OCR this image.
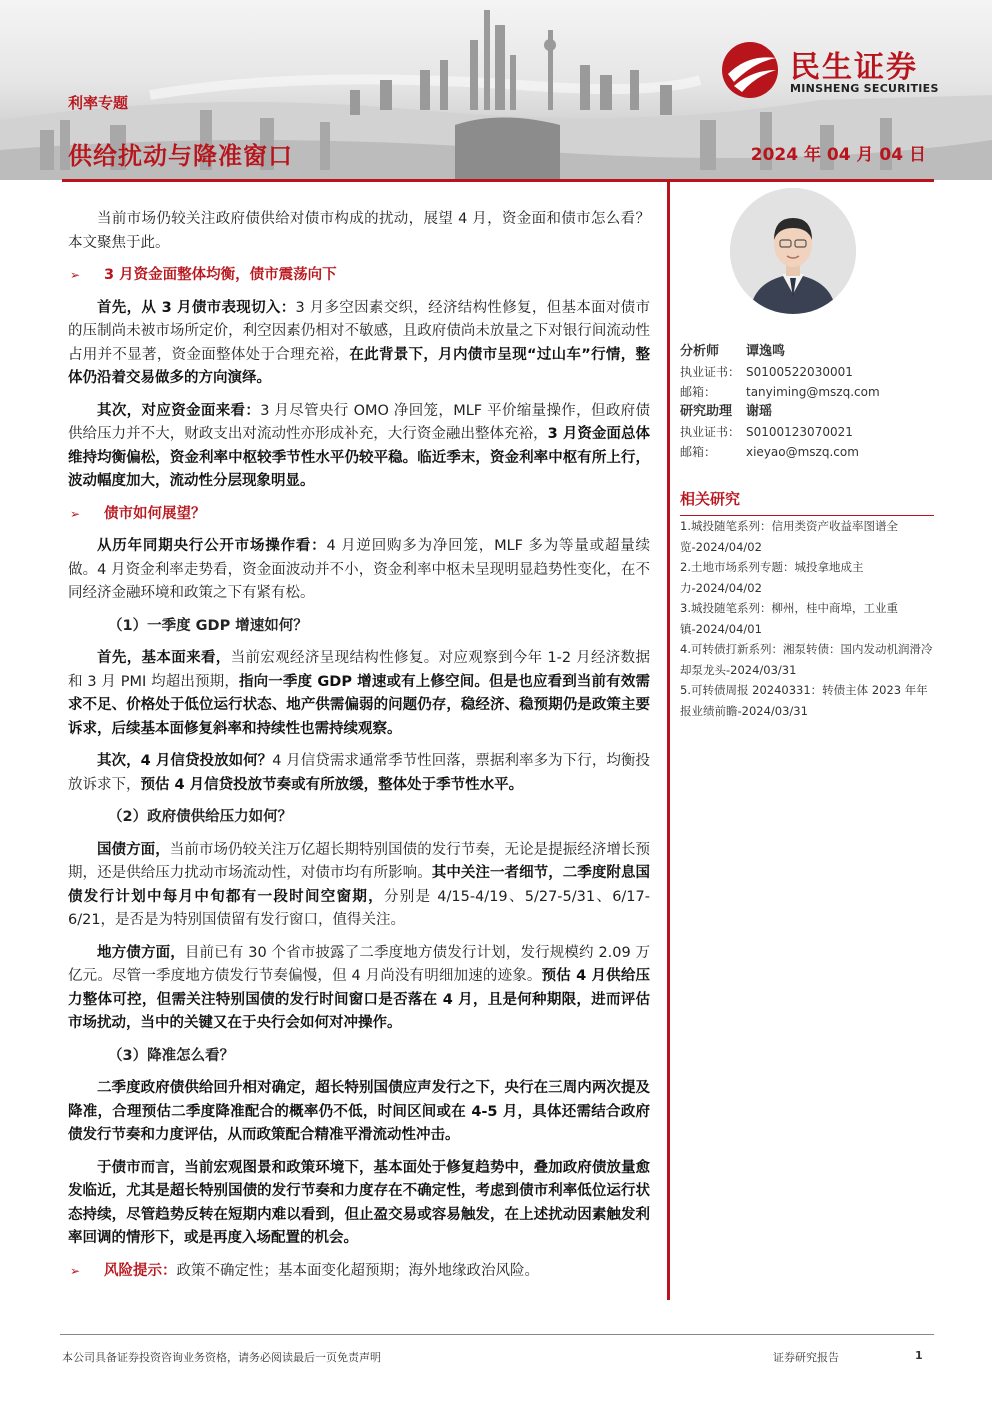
利率专题
供给扰动与降准窗口	2024 年 04 月 04 日
民生证券
MINSHENG SECURITIES

当前市场仍较关注政府债供给对债市构成的扰动，展望 4 月，资金面和债市怎么看？本文聚焦于此。

➢ 3 月资金面整体均衡，债市震荡向下

首先，从 3 月债市表现切入：3 月多空因素交织，经济结构性修复，但基本面对债市的压制尚未被市场所定价，利空因素仍相对不敏感，且政府债尚未放量之下对银行间流动性占用并不显著，资金面整体处于合理充裕，在此背景下，月内债市呈现“过山车”行情，整体仍沿着交易做多的方向演绎。

其次，对应资金面来看：3 月尽管央行 OMO 净回笼，MLF 平价缩量操作，但政府债供给压力并不大，财政支出对流动性亦形成补充，大行资金融出整体充裕，3 月资金面总体维持均衡偏松，资金利率中枢较季节性水平仍较平稳。临近季末，资金利率中枢有所上行，波动幅度加大，流动性分层现象明显。

➢ 债市如何展望？

从历年同期央行公开市场操作看：4 月逆回购多为净回笼，MLF 多为等量或超量续做。4 月资金利率走势看，资金面波动并不小，资金利率中枢未呈现明显趋势性变化，在不同经济金融环境和政策之下有紧有松。

（1）一季度 GDP 增速如何？

首先，基本面来看，当前宏观经济呈现结构性修复。对应观察到今年 1-2 月经济数据和 3 月 PMI 均超出预期，指向一季度 GDP 增速或有上修空间。但是也应看到当前有效需求不足、价格处于低位运行状态、地产供需偏弱的问题仍存，稳经济、稳预期仍是政策主要诉求，后续基本面修复斜率和持续性也需持续观察。

其次，4 月信贷投放如何？4 月信贷需求通常季节性回落，票据利率多为下行，均衡投放诉求下，预估 4 月信贷投放节奏或有所放缓，整体处于季节性水平。

（2）政府债供给压力如何？

国债方面，当前市场仍较关注万亿超长期特别国债的发行节奏，无论是提振经济增长预期，还是供给压力扰动市场流动性，对债市均有所影响。其中关注一者细节，二季度附息国债发行计划中每月中旬都有一段时间空窗期，分别是 4/15-4/19、5/27-5/31、6/17-6/21，是否是为特别国债留有发行窗口，值得关注。

地方债方面，目前已有 30 个省市披露了二季度地方债发行计划，发行规模约 2.09 万亿元。尽管一季度地方债发行节奏偏慢，但 4 月尚没有明细加速的迹象。预估 4 月供给压力整体可控，但需关注特别国债的发行时间窗口是否落在 4 月，且是何种期限，进而评估市场扰动，当中的关键又在于央行会如何对冲操作。

（3）降准怎么看？

二季度政府债供给回升相对确定，超长特别国债应声发行之下，央行在三周内两次提及降准，合理预估二季度降准配合的概率仍不低，时间区间或在 4-5 月，具体还需结合政府债发行节奏和力度评估，从而政策配合精准平滑流动性冲击。

于债市而言，当前宏观图景和政策环境下，基本面处于修复趋势中，叠加政府债放量愈发临近，尤其是超长特别国债的发行节奏和力度存在不确定性，考虑到债市利率低位运行状态持续，尽管趋势反转在短期内难以看到，但止盈交易或容易触发，在上述扰动因素触发利率回调的情形下，或是再度入场配置的机会。

➢ 风险提示：政策不确定性；基本面变化超预期；海外地缘政治风险。
分析师	谭逸鸣
执业证书： S0100522030001
邮箱：	tanyiming@mszq.com
研究助理	谢瑶
执业证书： S0100123070021
邮箱：	xieyao@mszq.com
相关研究
1.城投随笔系列：信用类资产收益率图谱全览-2024/04/02
2.土地市场系列专题：城投拿地成主力-2024/04/02
3.城投随笔系列：柳州，桂中商埠，工业重镇-2024/04/01
4.可转债打新系列：湘泵转债：国内发动机润滑冷却泵龙头-2024/03/31
5.可转债周报 20240331：转债主体 2023 年年报业绩前瞻-2024/03/31
本公司具备证券投资咨询业务资格，请务必阅读最后一页免责声明	证券研究报告	1
